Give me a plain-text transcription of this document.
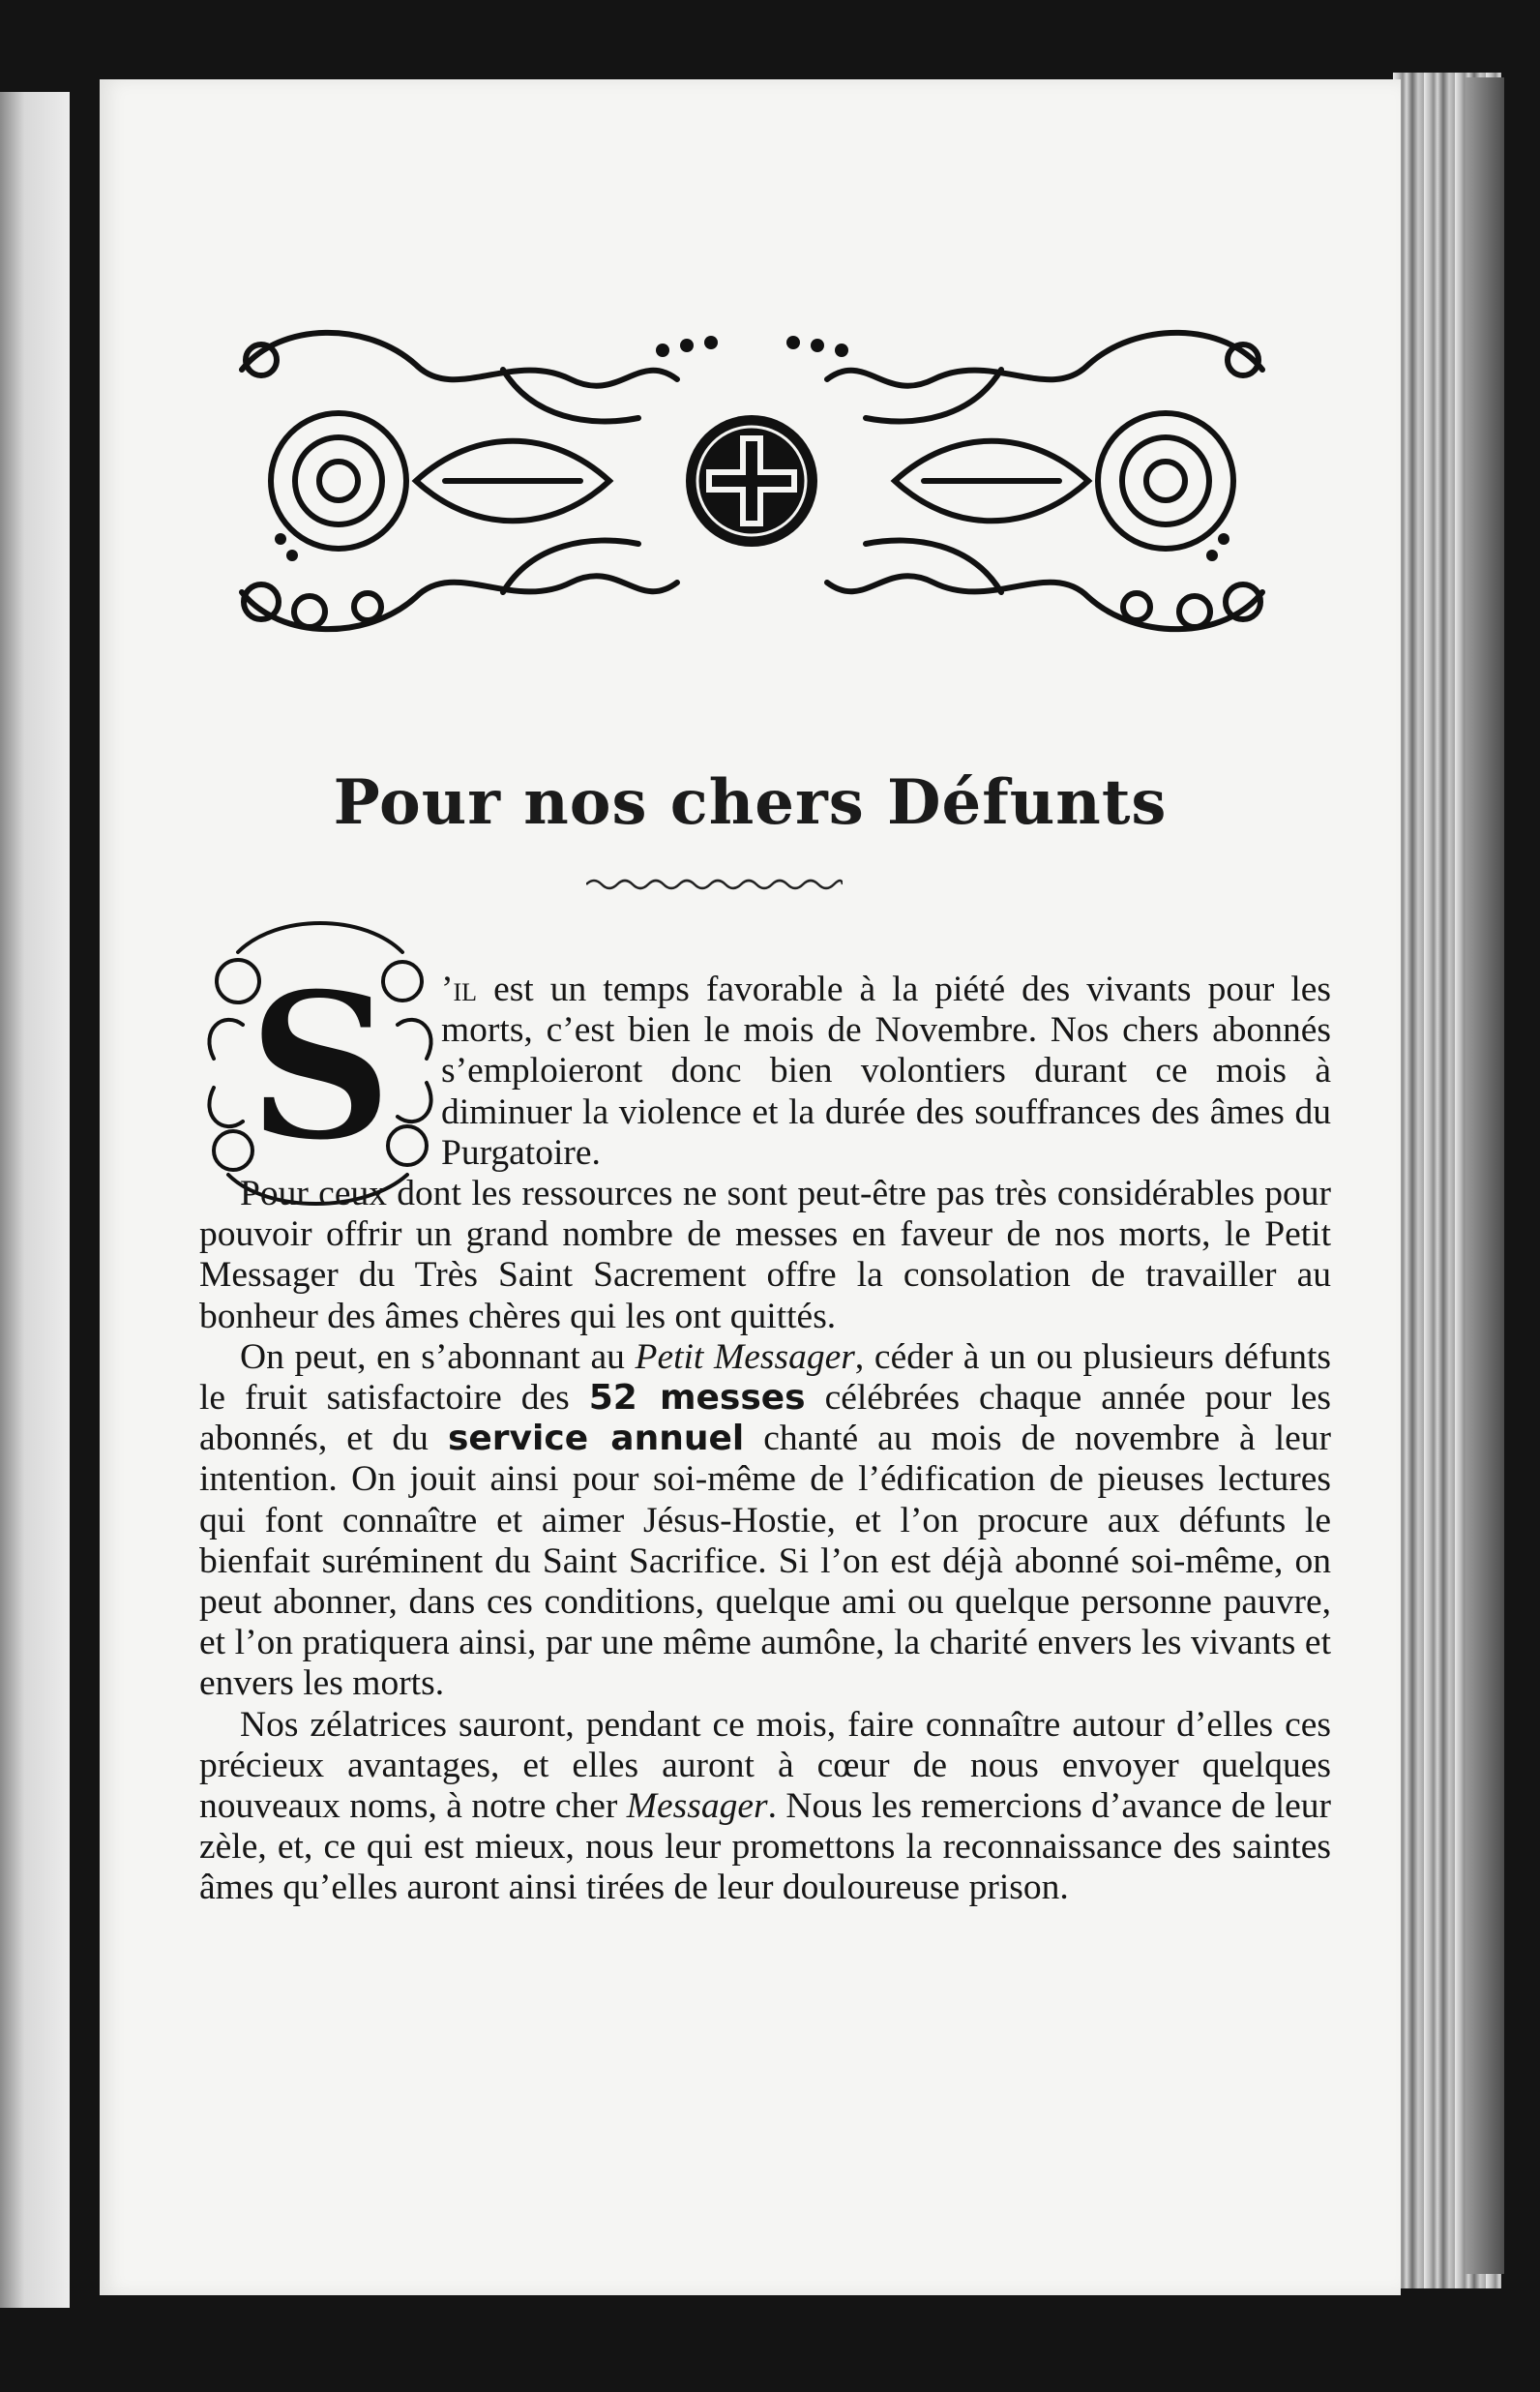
Pour nos chers Défunts
S ’il est un temps favorable à la piété des vivants pour les morts, c’est bien le mois de Novembre. Nos chers abonnés s’emploieront donc bien volontiers durant ce mois à diminuer la violence et la durée des souffrances des âmes du Purgatoire.

Pour ceux dont les ressources ne sont peut-être pas très considérables pour pouvoir offrir un grand nombre de messes en faveur de nos morts, le Petit Messager du Très Saint Sacrement offre la consolation de travailler au bonheur des âmes chères qui les ont quittés.

On peut, en s’abonnant au Petit Messager, céder à un ou plusieurs défunts le fruit satisfactoire des 52 messes célébrées chaque année pour les abonnés, et du service annuel chanté au mois de novembre à leur intention. On jouit ainsi pour soi-même de l’édification de pieuses lectures qui font connaître et aimer Jésus-Hostie, et l’on procure aux défunts le bienfait suréminent du Saint Sacrifice. Si l’on est déjà abonné soi-même, on peut abonner, dans ces conditions, quelque ami ou quelque personne pauvre, et l’on pratiquera ainsi, par une même aumône, la charité envers les vivants et envers les morts.

Nos zélatrices sauront, pendant ce mois, faire connaître autour d’elles ces précieux avantages, et elles auront à cœur de nous envoyer quelques nouveaux noms, à notre cher Messager. Nous les remercions d’avance de leur zèle, et, ce qui est mieux, nous leur promettons la reconnaissance des saintes âmes qu’elles auront ainsi tirées de leur douloureuse prison.
